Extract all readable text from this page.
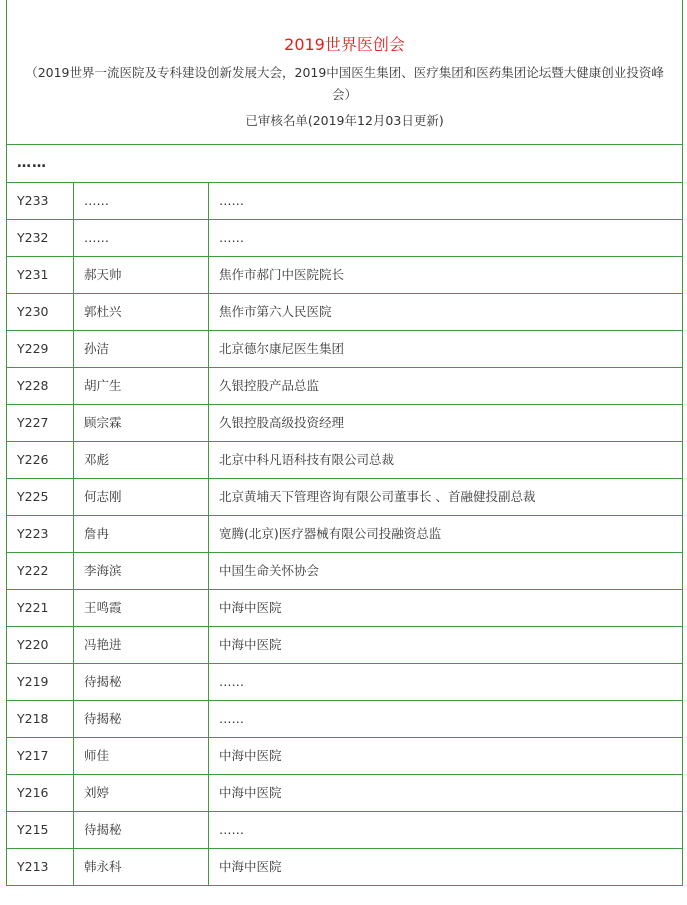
2019世界医创会
（2019世界一流医院及专科建设创新发展大会，2019中国医生集团、医疗集团和医药集团论坛暨大健康创业投资峰会）
已审核名单(2019年12月03日更新)		

……		
Y233	……	……
Y232	……	……
Y231	郝天帅	焦作市郝门中医院院长
Y230	郭杜兴	焦作市第六人民医院
Y229	孙洁	北京德尔康尼医生集团
Y228	胡广生	久银控股产品总监
Y227	顾宗霖	久银控股高级投资经理
Y226	邓彪	北京中科凡语科技有限公司总裁
Y225	何志刚	北京黄埔天下管理咨询有限公司董事长 、首融健投副总裁
Y223	詹冉	宽腾(北京)医疗器械有限公司投融资总监
Y222	李海滨	中国生命关怀协会
Y221	王鸣霞	中海中医院
Y220	冯艳进	中海中医院
Y219	待揭秘	……
Y218	待揭秘	……
Y217	师佳	中海中医院
Y216	刘婷	中海中医院
Y215	待揭秘	……
Y213	韩永科	中海中医院
